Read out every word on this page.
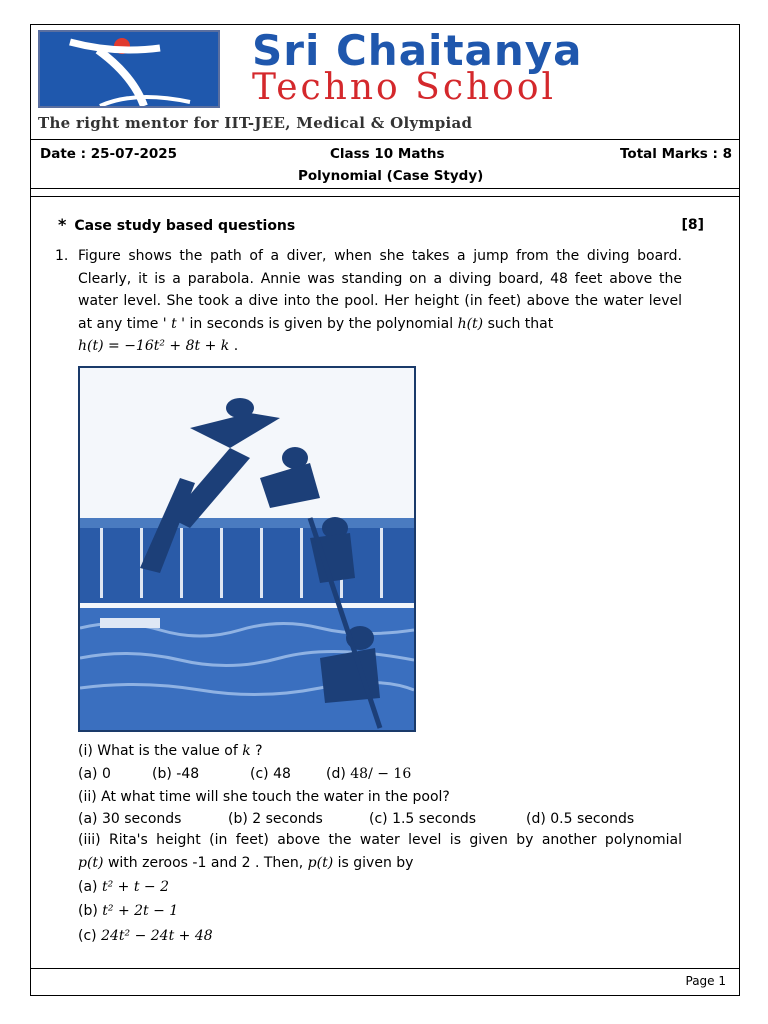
Sri Chaitanya
Techno School
The right mentor for IIT-JEE, Medical & Olympiad
Date : 25-07-2025	Class 10 Maths	Total Marks : 8
Polynomial (Case Stydy)
* Case study based questions	[8]
1. Figure shows the path of a diver, when she takes a jump from the diving board. Clearly, it is a parabola. Annie was standing on a diving board, 48 feet above the water level. She took a dive into the pool. Her height (in feet) above the water level at any time ' t ' in seconds is given by the polynomial h(t) such that
h(t) = −16t² + 8t + k .
(i) What is the value of k ?
(a) 0	(b) -48	(c) 48	(d) 48/ − 16
(ii) At what time will she touch the water in the pool?
(a) 30 seconds	(b) 2 seconds	(c) 1.5 seconds	(d) 0.5 seconds
(iii) Rita's height (in feet) above the water level is given by another polynomial
p(t) with zeroos -1 and 2 . Then, p(t) is given by
(a) t² + t − 2
(b) t² + 2t − 1
(c) 24t² − 24t + 48
Page 1
